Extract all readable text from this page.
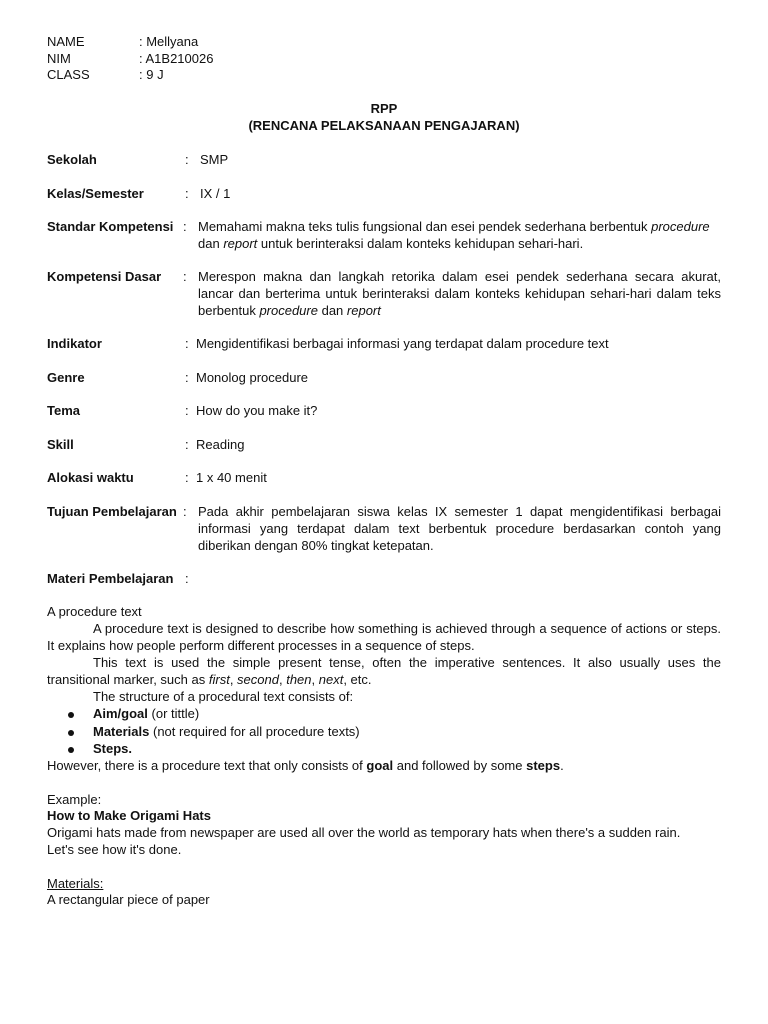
NAME	: Mellyana
NIM	: A1B210026
CLASS	: 9 J
RPP
(RENCANA PELAKSANAAN PENGAJARAN)
Sekolah	: SMP
Kelas/Semester	: IX / 1
Standar Kompetensi : Memahami makna teks tulis fungsional dan esei pendek sederhana berbentuk procedure
dan report untuk berinteraksi dalam konteks kehidupan sehari-hari.
Kompetensi Dasar : Merespon makna dan langkah retorika dalam esei pendek sederhana secara akurat, lancar dan berterima untuk berinteraksi dalam konteks kehidupan sehari-hari dalam teks berbentuk procedure dan report
Indikator	: Mengidentifikasi berbagai informasi yang terdapat dalam procedure text
Genre	: Monolog procedure
Tema	: How do you make it?
Skill	: Reading
Alokasi waktu	: 1 x 40 menit
Tujuan Pembelajaran : Pada akhir pembelajaran siswa kelas IX semester 1 dapat mengidentifikasi berbagai informasi yang terdapat dalam text berbentuk procedure berdasarkan contoh yang diberikan dengan 80% tingkat ketepatan.
Materi Pembelajaran :
A procedure text
A procedure text is designed to describe how something is achieved through a sequence of actions or steps. It explains how people perform different processes in a sequence of steps.
This text is used the simple present tense, often the imperative sentences. It also usually uses the transitional marker, such as first, second, then, next, etc.
The structure of a procedural text consists of:
Aim/goal (or tittle)
Materials (not required for all procedure texts)
Steps.
However, there is a procedure text that only consists of goal and followed by some steps.
Example:
How to Make Origami Hats
Origami hats made from newspaper are used all over the world as temporary hats when there's a sudden rain.
Let's see how it's done.
Materials:
A rectangular piece of paper
